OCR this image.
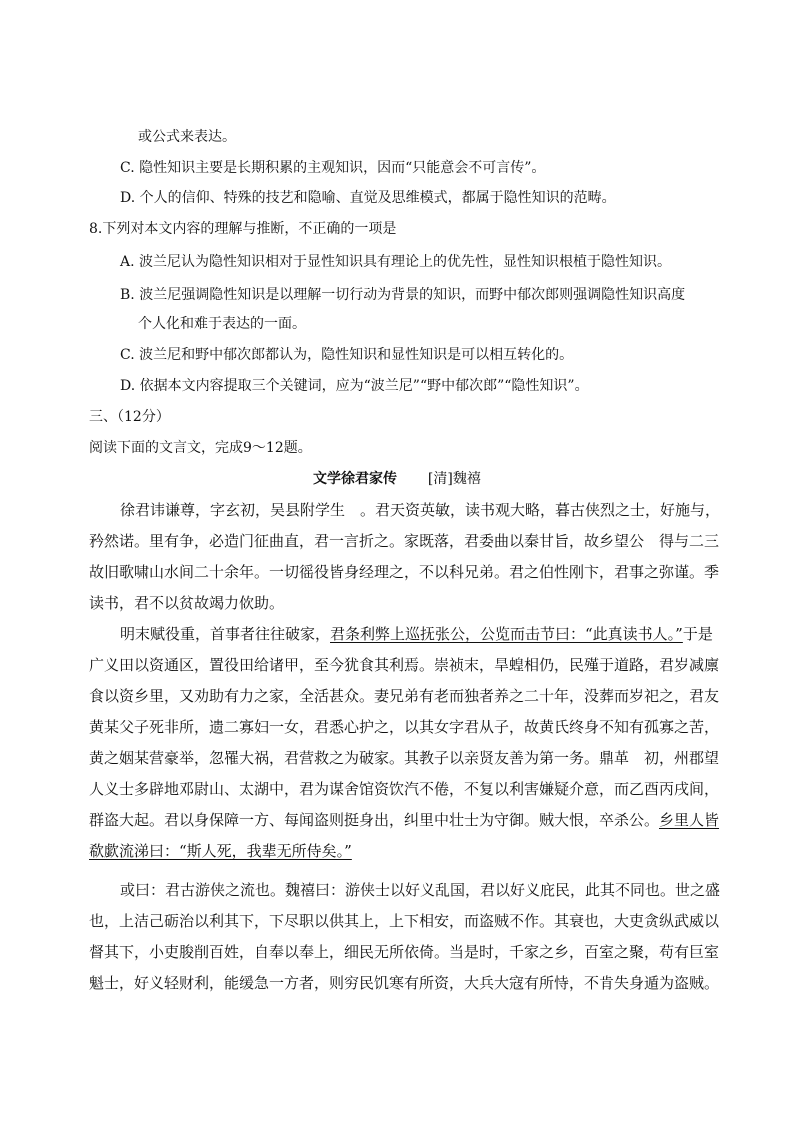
或公式来表达。
C. 隐性知识主要是长期积累的主观知识，因而“只能意会不可言传”。
D. 个人的信仰、特殊的技艺和隐喻、直觉及思维模式，都属于隐性知识的范畴。
8.下列对本文内容的理解与推断，不正确的一项是
A. 波兰尼认为隐性知识相对于显性知识具有理论上的优先性，显性知识根植于隐性知识。
B. 波兰尼强调隐性知识是以理解一切行动为背景的知识，而野中郁次郎则强调隐性知识高度
个人化和难于表达的一面。
C. 波兰尼和野中郁次郎都认为，隐性知识和显性知识是可以相互转化的。
D. 依据本文内容提取三个关键词，应为“波兰尼”“野中郁次郎”“隐性知识”。
三、（12分）
阅读下面的文言文，完成9～12题。
文学徐君家传 [清]魏禧
徐君讳谦尊，字玄初，吴县附学生　。君天资英敏，读书观大略，暮古侠烈之士，好施与，
矜然诺。里有争，必造门征曲直，君一言折之。家既落，君委曲以秦甘旨，故乡望公　得与二三
故旧歌啸山水间二十余年。一切徭役皆身经理之，不以科兄弟。君之伯性刚卞，君事之弥谨。季
读书，君不以贫故竭力佽助。
明末赋役重，首事者往往破家，君条利弊上巡抚张公，公览而击节曰：“此真读书人。”于是
广义田以资通区，置役田给诸甲，至今犹食其利焉。崇祯末，旱蝗相仍，民殣于道路，君岁减廪
食以资乡里，又劝助有力之家，全活甚众。妻兄弟有老而独者养之二十年，没葬而岁祀之，君友
黄某父子死非所，遗二寡妇一女，君悉心护之，以其女字君从子，故黄氏终身不知有孤寡之苦，
黄之姻某营豪举，忽罹大祸，君营救之为破家。其教子以亲贤友善为第一务。鼎革　初，州郡望
人义士多辟地邓尉山、太湖中，君为谋舍馆资饮汽不倦，不复以利害嫌疑介意，而乙酉丙戌间，
群盗大起。君以身保障一方、每闻盗则挺身出，纠里中壮士为守御。贼大恨，卒杀公。乡里人皆
欷歔流涕曰：“斯人死，我辈无所侍矣。”
或曰：君古游侠之流也。魏禧曰：游侠士以好义乱国，君以好义庇民，此其不同也。世之盛
也，上洁己砺治以利其下，下尽职以供其上，上下相安，而盗贼不作。其衰也，大吏贪纵武威以
督其下，小吏朘削百姓，自奉以奉上，细民无所依倚。当是时，千家之乡，百室之聚，苟有巨室
魁士，好义轻财利，能缓急一方者，则穷民饥寒有所资，大兵大寇有所恃，不肯失身遁为盗贼。
